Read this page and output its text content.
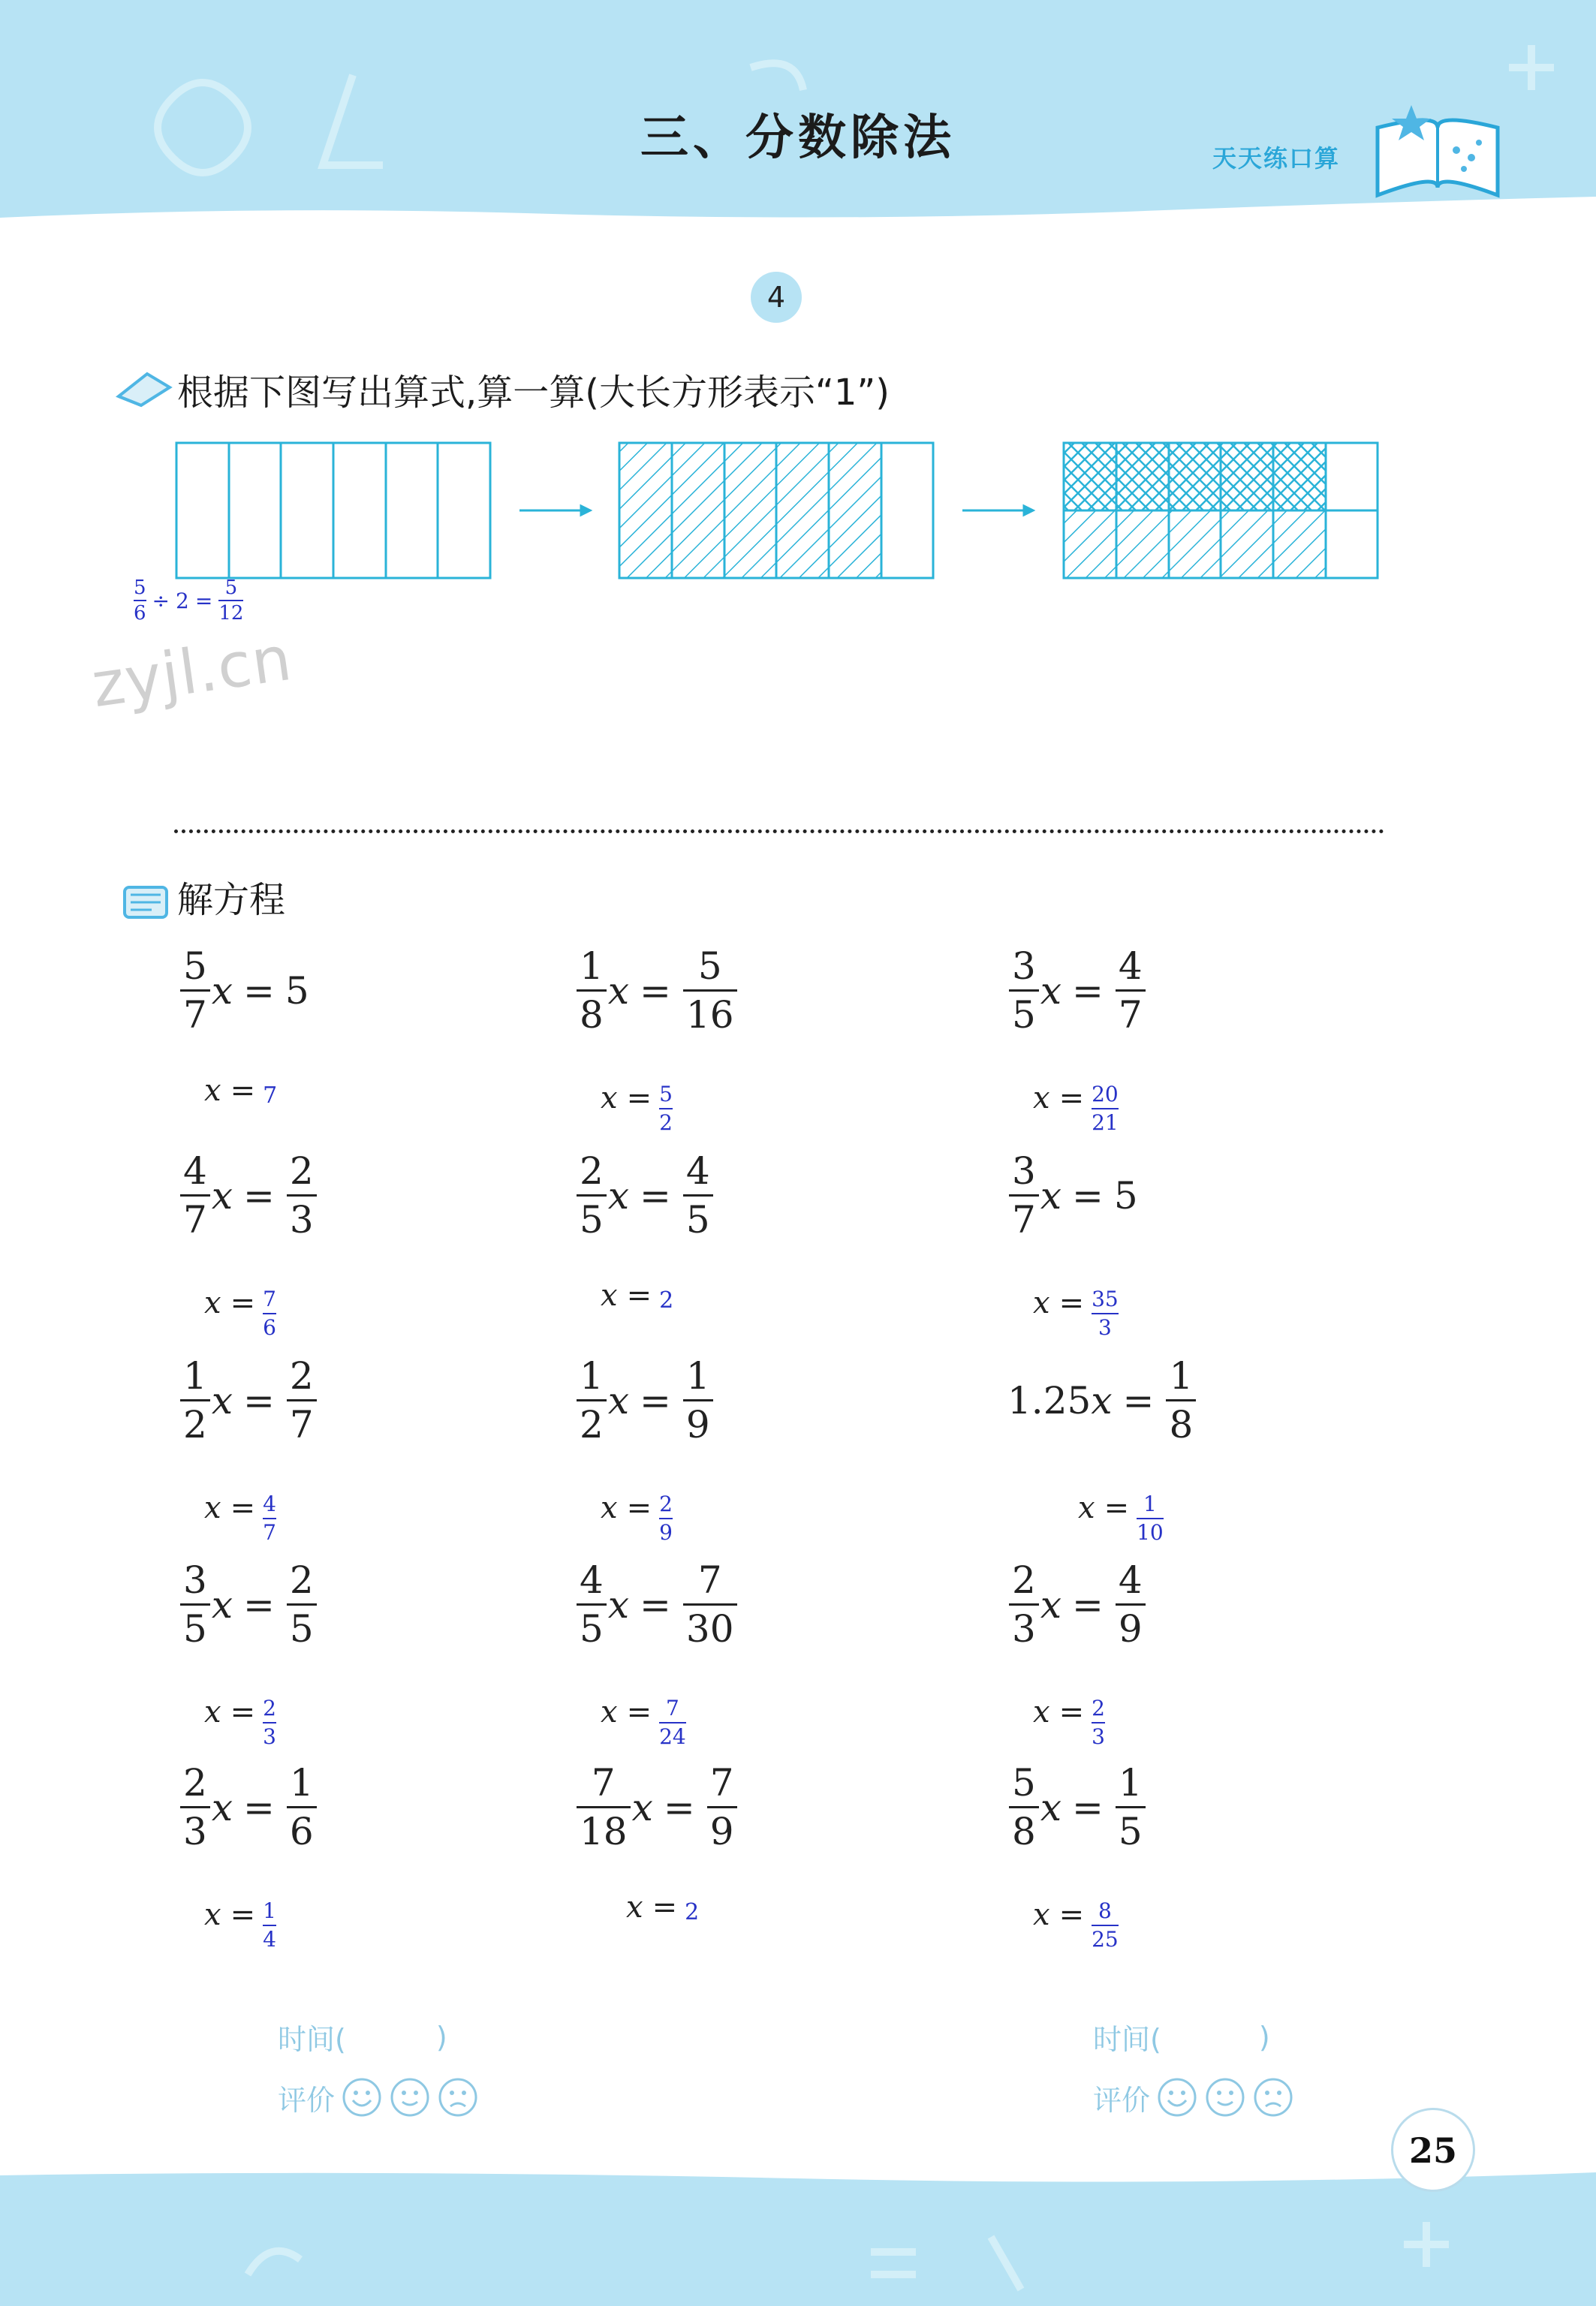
三、分数除法	天天练口算
4
根据下图写出算式,算一算(大长方形表示“1”)
5
6
÷ 2 =
5
12
zyjl.cn
解方程
$\frac{5}{7}$ x = 5
x = 7
$\frac{1}{8}$ $x = \frac{5}{16}$
$x = \frac{5}{2}$
$\frac{3}{5}$ $x = \frac{4}{7}$
$x = \frac{20}{21}$
$\frac{4}{7}$ $x = \frac{2}{3}$
$x = \frac{7}{6}$
$\frac{2}{5}$ $x = \frac{4}{5}$
x = 2
$\frac{3}{7}$ x = 5
$x = \frac{35}{3}$
$\frac{1}{2}$ $x = \frac{2}{7}$
$x = \frac{4}{7}$
$\frac{1}{2}$ $x = \frac{1}{9}$
$x = \frac{2}{9}$
1.25 $x = \frac{1}{8}$
$x = \frac{1}{10}$
$\frac{3}{5}$ $x = \frac{2}{5}$
$x = \frac{2}{3}$
$\frac{4}{5}$ $x = \frac{7}{30}$
$x = \frac{7}{24}$
$\frac{2}{3}$ $x = \frac{4}{9}$
$x = \frac{2}{3}$
$\frac{2}{3}$ $x = \frac{1}{6}$
$x = \frac{1}{4}$
$\frac{7}{18}$ $x = \frac{7}{9}$
x = 2
$\frac{5}{8}$ $x = \frac{1}{5}$
$x = \frac{8}{25}$
时间(	)
评价
时间(	)
评价
25
